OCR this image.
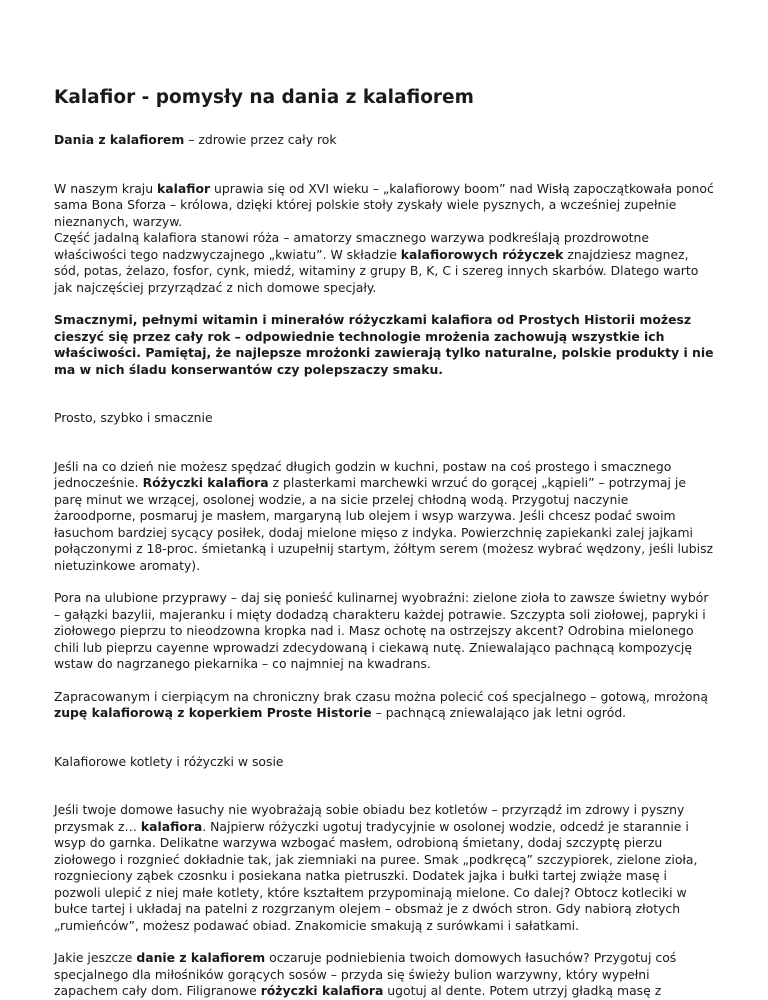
Kalafior - pomysły na dania z kalafiorem

Dania z kalafiorem – zdrowie przez cały rok

W naszym kraju kalafior uprawia się od XVI wieku – „kalafiorowy boom” nad Wisłą zapoczątkowała ponoć sama Bona Sforza – królowa, dzięki której polskie stoły zyskały wiele pysznych, a wcześniej zupełnie nieznanych, warzyw.

Część jadalną kalafiora stanowi róża – amatorzy smacznego warzywa podkreślają prozdrowotne właściwości tego nadzwyczajnego „kwiatu”. W składzie kalafiorowych różyczek znajdziesz magnez, sód, potas, żelazo, fosfor, cynk, miedź, witaminy z grupy B, K, C i szereg innych skarbów. Dlatego warto jak najczęściej przyrządzać z nich domowe specjały.

Smacznymi, pełnymi witamin i minerałów różyczkami kalafiora od Prostych Historii możesz cieszyć się przez cały rok – odpowiednie technologie mrożenia zachowują wszystkie ich właściwości. Pamiętaj, że najlepsze mrożonki zawierają tylko naturalne, polskie produkty i nie ma w nich śladu konserwantów czy polepszaczy smaku.

Prosto, szybko i smacznie

Jeśli na co dzień nie możesz spędzać długich godzin w kuchni, postaw na coś prostego i smacznego jednocześnie. Różyczki kalafiora z plasterkami marchewki wrzuć do gorącej „kąpieli” – potrzymaj je parę minut we wrzącej, osolonej wodzie, a na sicie przelej chłodną wodą. Przygotuj naczynie żaroodporne, posmaruj je masłem, margaryną lub olejem i wsyp warzywa. Jeśli chcesz podać swoim łasuchom bardziej sycący posiłek, dodaj mielone mięso z indyka. Powierzchnię zapiekanki zalej jajkami połączonymi z 18-proc. śmietanką i uzupełnij startym, żółtym serem (możesz wybrać wędzony, jeśli lubisz nietuzinkowe aromaty).

Pora na ulubione przyprawy – daj się ponieść kulinarnej wyobraźni: zielone zioła to zawsze świetny wybór – gałązki bazylii, majeranku i mięty dodadzą charakteru każdej potrawie. Szczypta soli ziołowej, papryki i ziołowego pieprzu to nieodzowna kropka nad i. Masz ochotę na ostrzejszy akcent? Odrobina mielonego chili lub pieprzu cayenne wprowadzi zdecydowaną i ciekawą nutę. Zniewalająco pachnącą kompozycję wstaw do nagrzanego piekarnika – co najmniej na kwadrans.

Zapracowanym i cierpiącym na chroniczny brak czasu można polecić coś specjalnego – gotową, mrożoną zupę kalafiorową z koperkiem Proste Historie – pachnącą zniewalająco jak letni ogród.

Kalafiorowe kotlety i różyczki w sosie

Jeśli twoje domowe łasuchy nie wyobrażają sobie obiadu bez kotletów – przyrządź im zdrowy i pyszny przysmak z… kalafiora. Najpierw różyczki ugotuj tradycyjnie w osolonej wodzie, odcedź je starannie i wsyp do garnka. Delikatne warzywa wzbogać masłem, odrobioną śmietany, dodaj szczyptę pierzu ziołowego i rozgnieć dokładnie tak, jak ziemniaki na puree. Smak „podkręcą” szczypiorek, zielone zioła, rozgnieciony ząbek czosnku i posiekana natka pietruszki. Dodatek jajka i bułki tartej zwiąże masę i pozwoli ulepić z niej małe kotlety, które kształtem przypominają mielone. Co dalej? Obtocz kotleciki w bułce tartej i układaj na patelni z rozgrzanym olejem – obsmaż je z dwóch stron. Gdy nabiorą złotych „rumieńców”, możesz podawać obiad. Znakomicie smakują z surówkami i sałatkami.

Jakie jeszcze danie z kalafiorem oczaruje podniebienia twoich domowych łasuchów? Przygotuj coś specjalnego dla miłośników gorących sosów – przyda się świeży bulion warzywny, który wypełni zapachem cały dom. Filigranowe różyczki kalafiora ugotuj al dente. Potem utrzyj gładką masę z
